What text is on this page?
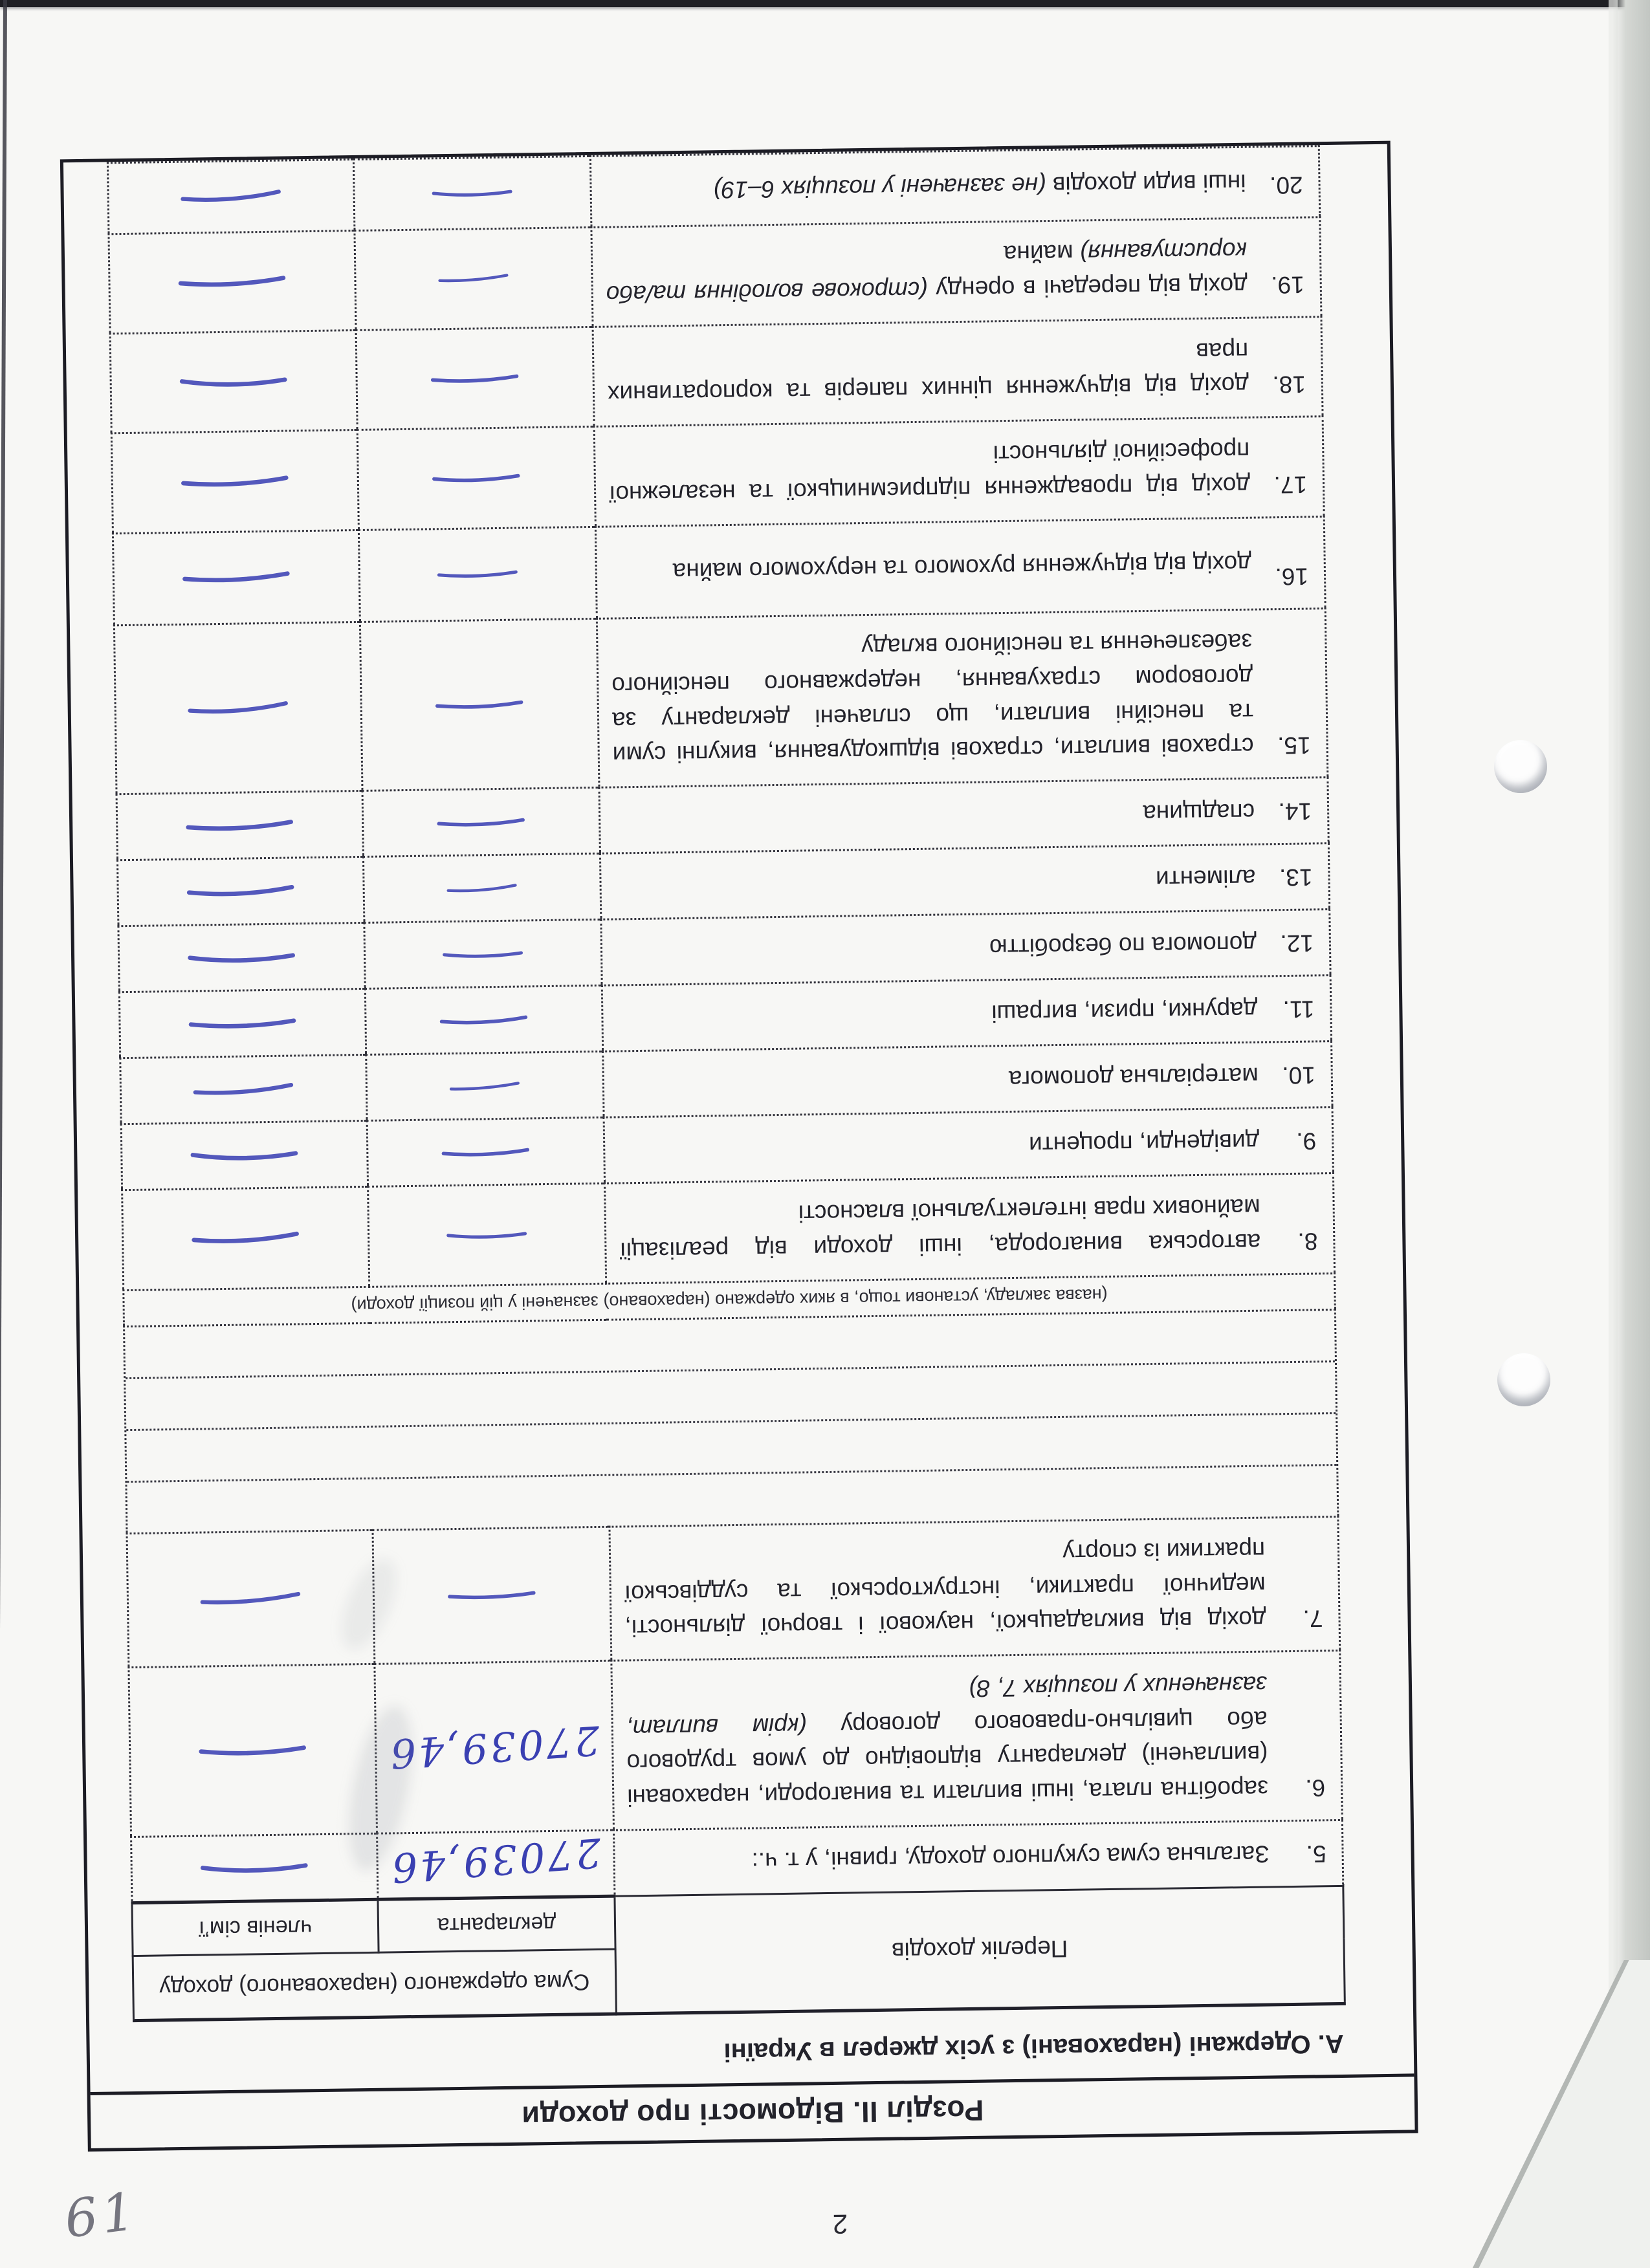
2
Розділ II. Відомості про доходи
А. Одержані (нараховані) з усіх джерел в Україні
Перелік доходів	Сума одержаного (нарахованого) доходу	
	декларанта	членів сім’ї

5.
Загальна сума сукупного доходу, гривні, у т. ч.:	27039,46	

6.
заробітна плата, інші виплати та винагороди, нараховані (виплачені) декларанту відповідно до умов трудового або цивільно-правового договору (крім виплат, зазначених у позиціях 7, 8)	27039,46	

7.
дохід від викладацької, наукової і творчої діяльності, медичної практики, інструкторської та суддівської практики із спорту		

(назва закладу, установи тощо, в яких одержано (нараховано) зазначені у цій позиції доходи)		

8.
авторська винагорода, інші доходи від реалізації майнових прав інтелектуальної власності		

9.
дивіденди, проценти		

10.
матеріальна допомога		

11.
дарунки, призи, виграші		

12.
допомога по безробіттю		

13.
аліменти		

14.
спадщина		

15.
страхові виплати, страхові відшкодування, викупні суми та пенсійні виплати, що сплачені декларанту за договором страхування, недержавного пенсійного забезпечення та пенсійного вкладу		

16.
дохід від відчуження рухомого та нерухомого майна		

17.
дохід від провадження підприємницької та незалежної професійної діяльності		

18.
дохід від відчуження цінних паперів та корпоративних прав		

19.
дохід від передачі в оренду (строкове володіння та/або користування) майна		

20.
інші види доходів (не зазначені у позиціях 6–19)		
61
